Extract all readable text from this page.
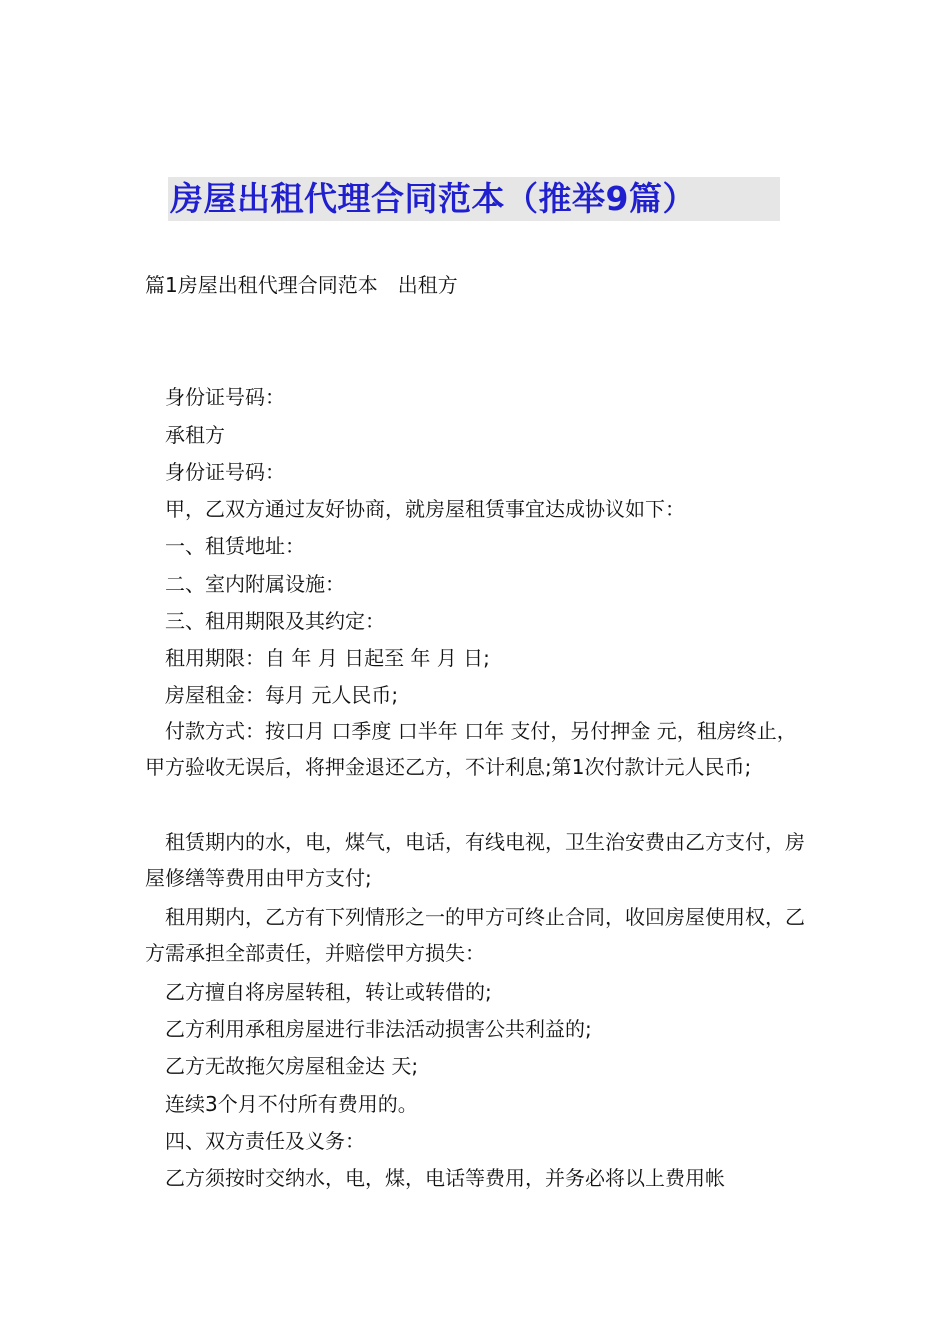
房屋出租代理合同范本（推举9篇）
篇1房屋出租代理合同范本　出租方
身份证号码：
承租方
身份证号码：
甲，乙双方通过友好协商，就房屋租赁事宜达成协议如下：
一、租赁地址：
二、室内附属设施：
三、租用期限及其约定：
租用期限：自 年 月 日起至 年 月 日;
房屋租金：每月 元人民币;
付款方式：按口月 口季度 口半年 口年 支付，另付押金 元，租房终止，甲方验收无误后，将押金退还乙方，不计利息;第1次付款计元人民币;
租赁期内的水，电，煤气，电话，有线电视，卫生治安费由乙方支付，房屋修缮等费用由甲方支付;
租用期内，乙方有下列情形之一的甲方可终止合同，收回房屋使用权，乙方需承担全部责任，并赔偿甲方损失：
乙方擅自将房屋转租，转让或转借的;
乙方利用承租房屋进行非法活动损害公共利益的;
乙方无故拖欠房屋租金达 天;
连续3个月不付所有费用的。
四、双方责任及义务：
乙方须按时交纳水，电，煤，电话等费用，并务必将以上费用帐
